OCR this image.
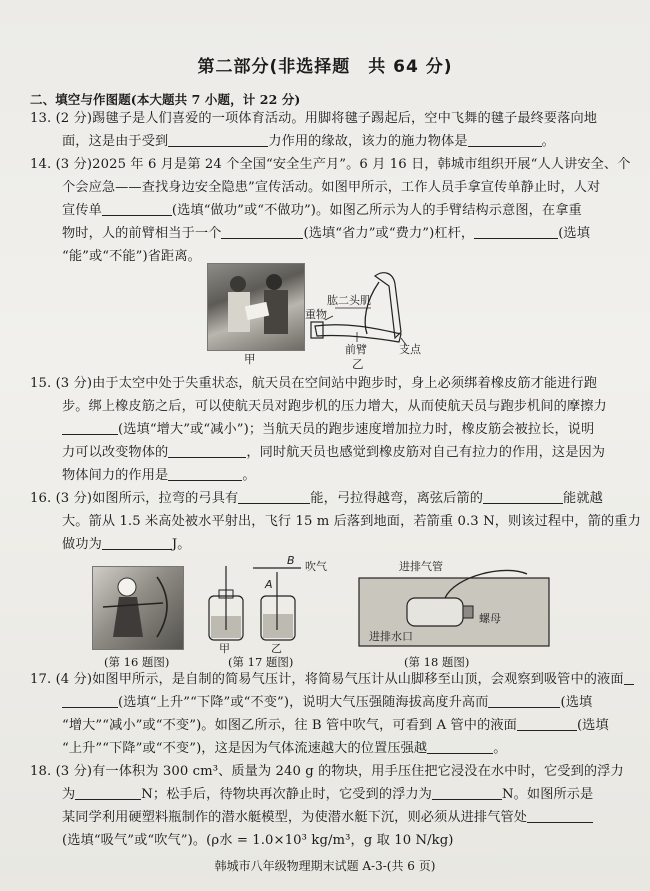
第二部分(非选择题　共 64 分)
二、填空与作图题(本大题共 7 小题，计 22 分)
13. (2 分)踢毽子是人们喜爱的一项体育活动。用脚将毽子踢起后，空中飞舞的毽子最终要落向地
面，这是由于受到	力作用的缘故，该力的施力物体是	。
14. (3 分)2025 年 6 月是第 24 个全国“安全生产月”。6 月 16 日，韩城市组织开展“人人讲安全、个
个会应急——查找身边安全隐患”宣传活动。如图甲所示，工作人员手拿宣传单静止时，人对
宣传单	(选填“做功”或“不做功”)。如图乙所示为人的手臂结构示意图，在拿重
物时，人的前臂相当于一个	(选填“省力”或“费力”)杠杆，	(选填
“能”或“不能”)省距离。
甲
肱二头肌
重物
前臂	支点
乙
15. (3 分)由于太空中处于失重状态，航天员在空间站中跑步时，身上必须绑着橡皮筋才能进行跑
步。绑上橡皮筋之后，可以使航天员对跑步机的压力增大，从而使航天员与跑步机间的摩擦力
(选填“增大”或“减小”)；当航天员的跑步速度增加拉力时，橡皮筋会被拉长，说明
力可以改变物体的	，同时航天员也感觉到橡皮筋对自己有拉力的作用，这是因为
物体间力的作用是	。
16. (3 分)如图所示，拉弯的弓具有	能，弓拉得越弯，离弦后箭的	能就越
大。箭从 1.5 米高处被水平射出，飞行 15 m 后落到地面，若箭重 0.3 N，则该过程中，箭的重力
做功为	J。
(第 16 题图)
B 吹气
A
甲	乙
(第 17 题图)
进排气管
进排水口
螺母
(第 18 题图)
17. (4 分)如图甲所示，是自制的简易气压计，将简易气压计从山脚移至山顶，会观察到吸管中的液面
(选填“上升”“下降”或“不变”)，说明大气压强随海拔高度升高而	(选填
“增大”“减小”或“不变”)。如图乙所示，往 B 管中吹气，可看到 A 管中的液面	(选填
“上升”“下降”或“不变”)，这是因为气体流速越大的位置压强越	。
18. (3 分)有一体积为 300 cm³、质量为 240 g 的物块，用手压住把它浸没在水中时，它受到的浮力
为	N；松手后，待物块再次静止时，它受到的浮力为	N。如图所示是
某同学利用硬塑料瓶制作的潜水艇模型，为使潜水艇下沉，则必须从进排气管处
(选填“吸气”或“吹气”)。(ρ水 = 1.0×10³ kg/m³，g 取 10 N/kg)
韩城市八年级物理期末试题 A-3-(共 6 页)
